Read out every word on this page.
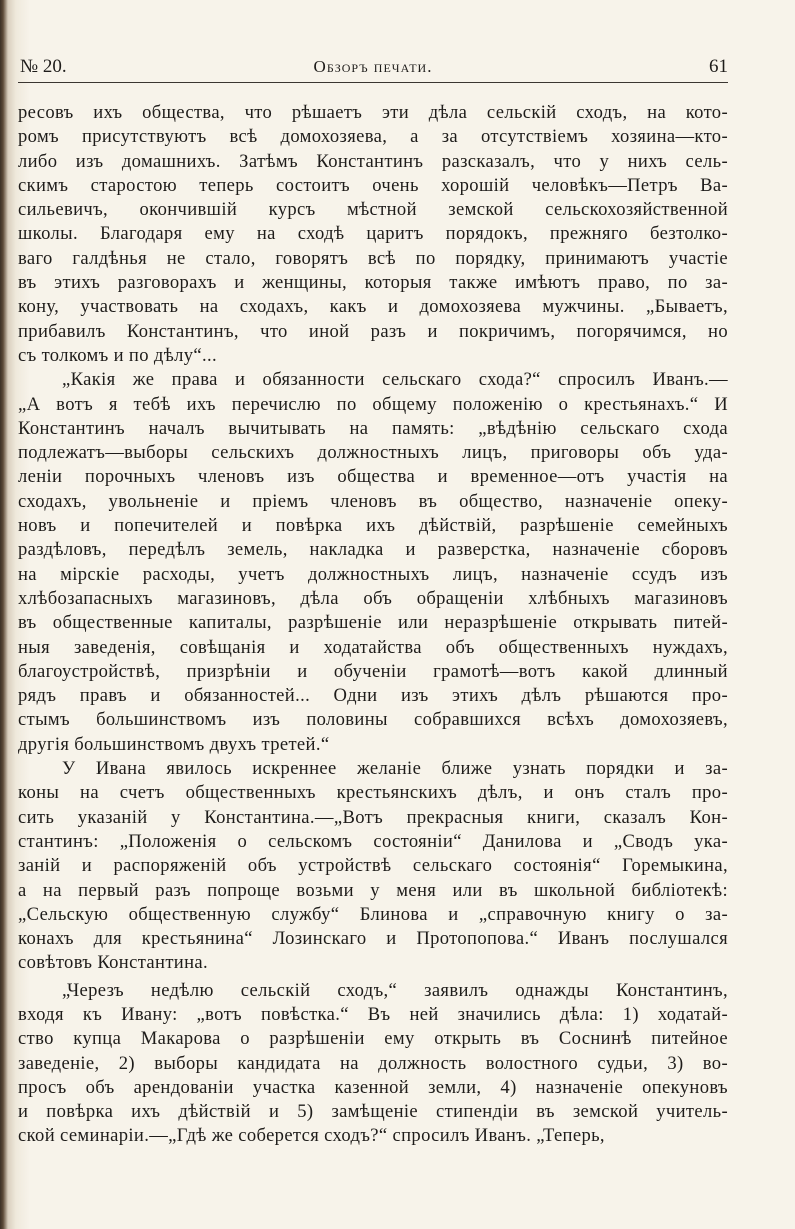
№ 20.	Обзоръ печати.	61

ресовъ ихъ общества, что рѣшаетъ эти дѣла сельскій сходъ, на кото-
ромъ присутствуютъ всѣ домохозяева, а за отсутствіемъ хозяина—кто-
либо изъ домашнихъ. Затѣмъ Константинъ разсказалъ, что у нихъ сель-
скимъ старостою теперь состоитъ очень хорошій человѣкъ—Петръ Ва-
сильевичъ, окончившій курсъ мѣстной земской сельскохозяйственной
школы. Благодаря ему на сходѣ царитъ порядокъ, прежняго безтолко-
ваго галдѣнья не стало, говорятъ всѣ по порядку, принимаютъ участіе
въ этихъ разговорахъ и женщины, которыя также имѣютъ право, по за-
кону, участвовать на сходахъ, какъ и домохозяева мужчины. „Бываетъ,
прибавилъ Константинъ, что иной разъ и покричимъ, погорячимся, но
съ толкомъ и по дѣлу“...

„Какія же права и обязанности сельскаго схода?“ спросилъ Иванъ.—
„А вотъ я тебѣ ихъ перечислю по общему положенію о крестьянахъ.“ И
Константинъ началъ вычитывать на память: „вѣдѣнію сельскаго схода
подлежатъ—выборы сельскихъ должностныхъ лицъ, приговоры объ уда-
леніи порочныхъ членовъ изъ общества и временное—отъ участія на
сходахъ, увольненіе и пріемъ членовъ въ общество, назначеніе опеку-
новъ и попечителей и повѣрка ихъ дѣйствій, разрѣшеніе семейныхъ
раздѣловъ, передѣлъ земель, накладка и разверстка, назначеніе сборовъ
на мірскіе расходы, учетъ должностныхъ лицъ, назначеніе ссудъ изъ
хлѣбозапасныхъ магазиновъ, дѣла объ обращеніи хлѣбныхъ магазиновъ
въ общественные капиталы, разрѣшеніе или неразрѣшеніе открывать питей-
ныя заведенія, совѣщанія и ходатайства объ общественныхъ нуждахъ,
благоустройствѣ, призрѣніи и обученіи грамотѣ—вотъ какой длинный
рядъ правъ и обязанностей... Одни изъ этихъ дѣлъ рѣшаются про-
стымъ большинствомъ изъ половины собравшихся всѣхъ домохозяевъ,
другія большинствомъ двухъ третей.“

У Ивана явилось искреннее желаніе ближе узнать порядки и за-
коны на счетъ общественныхъ крестьянскихъ дѣлъ, и онъ сталъ про-
сить указаній у Константина.—„Вотъ прекрасныя книги, сказалъ Кон-
стантинъ: „Положенія о сельскомъ состояніи“ Данилова и „Сводъ ука-
заній и распоряженій объ устройствѣ сельскаго состоянія“ Горемыкина,
а на первый разъ попроще возьми у меня или въ школьной библіотекѣ:
„Сельскую общественную службу“ Блинова и „справочную книгу о за-
конахъ для крестьянина“ Лозинскаго и Протопопова.“ Иванъ послушался
совѣтовъ Константина.

„Черезъ недѣлю сельскій сходъ,“ заявилъ однажды Константинъ,
входя къ Ивану: „вотъ повѣстка.“ Въ ней значились дѣла: 1) ходатай-
ство купца Макарова о разрѣшеніи ему открыть въ Соснинѣ питейное
заведеніе, 2) выборы кандидата на должность волостного судьи, 3) во-
просъ объ арендованіи участка казенной земли, 4) назначеніе опекуновъ
и повѣрка ихъ дѣйствій и 5) замѣщеніе стипендіи въ земской учитель-
ской семинаріи.—„Гдѣ же соберется сходъ?“ спросилъ Иванъ. „Теперь,
